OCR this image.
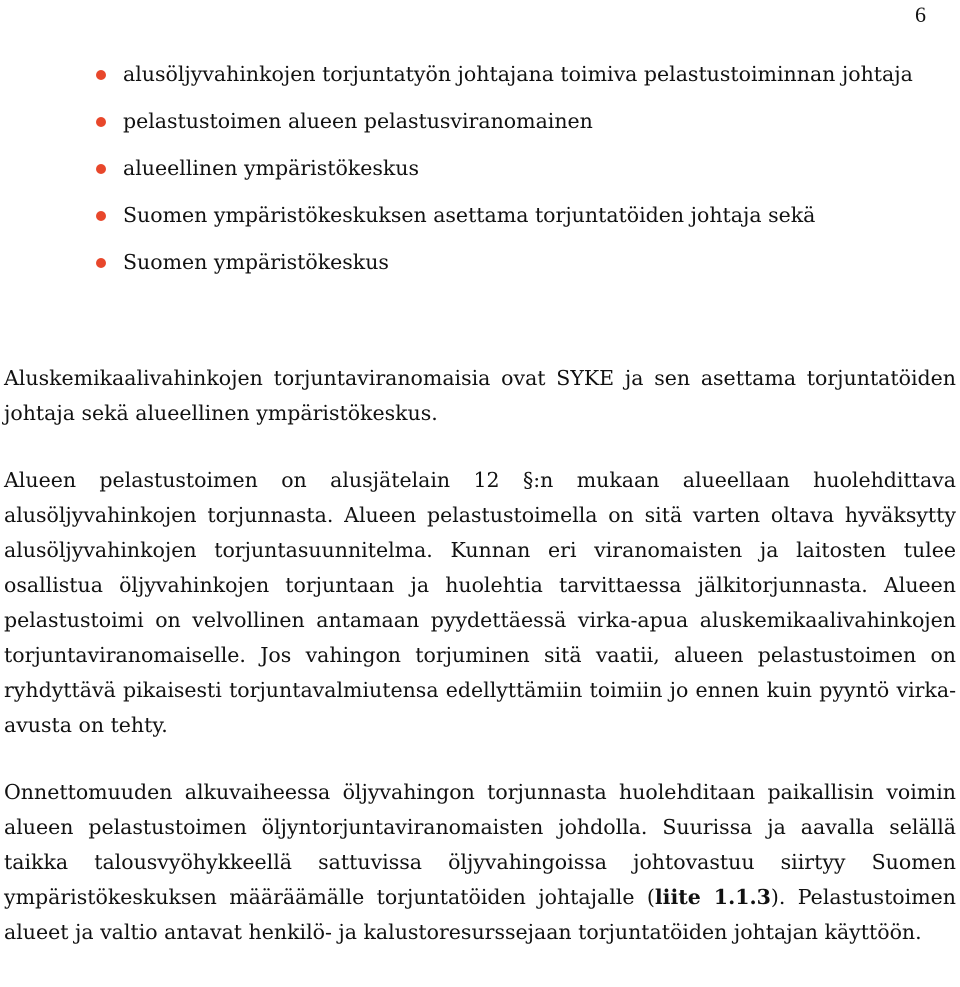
6
alusöljyvahinkojen torjuntatyön johtajana toimiva pelastustoiminnan johtaja
pelastustoimen alueen pelastusviranomainen
alueellinen ympäristökeskus
Suomen ympäristökeskuksen asettama torjuntatöiden johtaja sekä
Suomen ympäristökeskus

Aluskemikaalivahinkojen torjuntaviranomaisia ovat SYKE ja sen asettama torjuntatöiden johtaja sekä alueellinen ympäristökeskus.

Alueen pelastustoimen on alusjätelain 12 §:n mukaan alueellaan huolehdittava alusöljyvahinkojen torjunnasta. Alueen pelastustoimella on sitä varten oltava hyväksytty alusöljyvahinkojen torjuntasuunnitelma. Kunnan eri viranomaisten ja laitosten tulee osallistua öljyvahinkojen torjuntaan ja huolehtia tarvittaessa jälkitorjunnasta. Alueen pelastustoimi on velvollinen antamaan pyydettäessä virka-apua aluskemikaalivahinkojen torjuntaviranomaiselle. Jos vahingon torjuminen sitä vaatii, alueen pelastustoimen on ryhdyttävä pikaisesti torjuntavalmiutensa edellyttämiin toimiin jo ennen kuin pyyntö virka-avusta on tehty.

Onnettomuuden alkuvaiheessa öljyvahingon torjunnasta huolehditaan paikallisin voimin alueen pelastustoimen öljyntorjuntaviranomaisten johdolla. Suurissa ja aavalla selällä taikka talousvyöhykkeellä sattuvissa öljyvahingoissa johtovastuu siirtyy Suomen ympäristökeskuksen määräämälle torjuntatöiden johtajalle (liite 1.1.3). Pelastustoimen alueet ja valtio antavat henkilö- ja kalustoresurssejaan torjuntatöiden johtajan käyttöön.
